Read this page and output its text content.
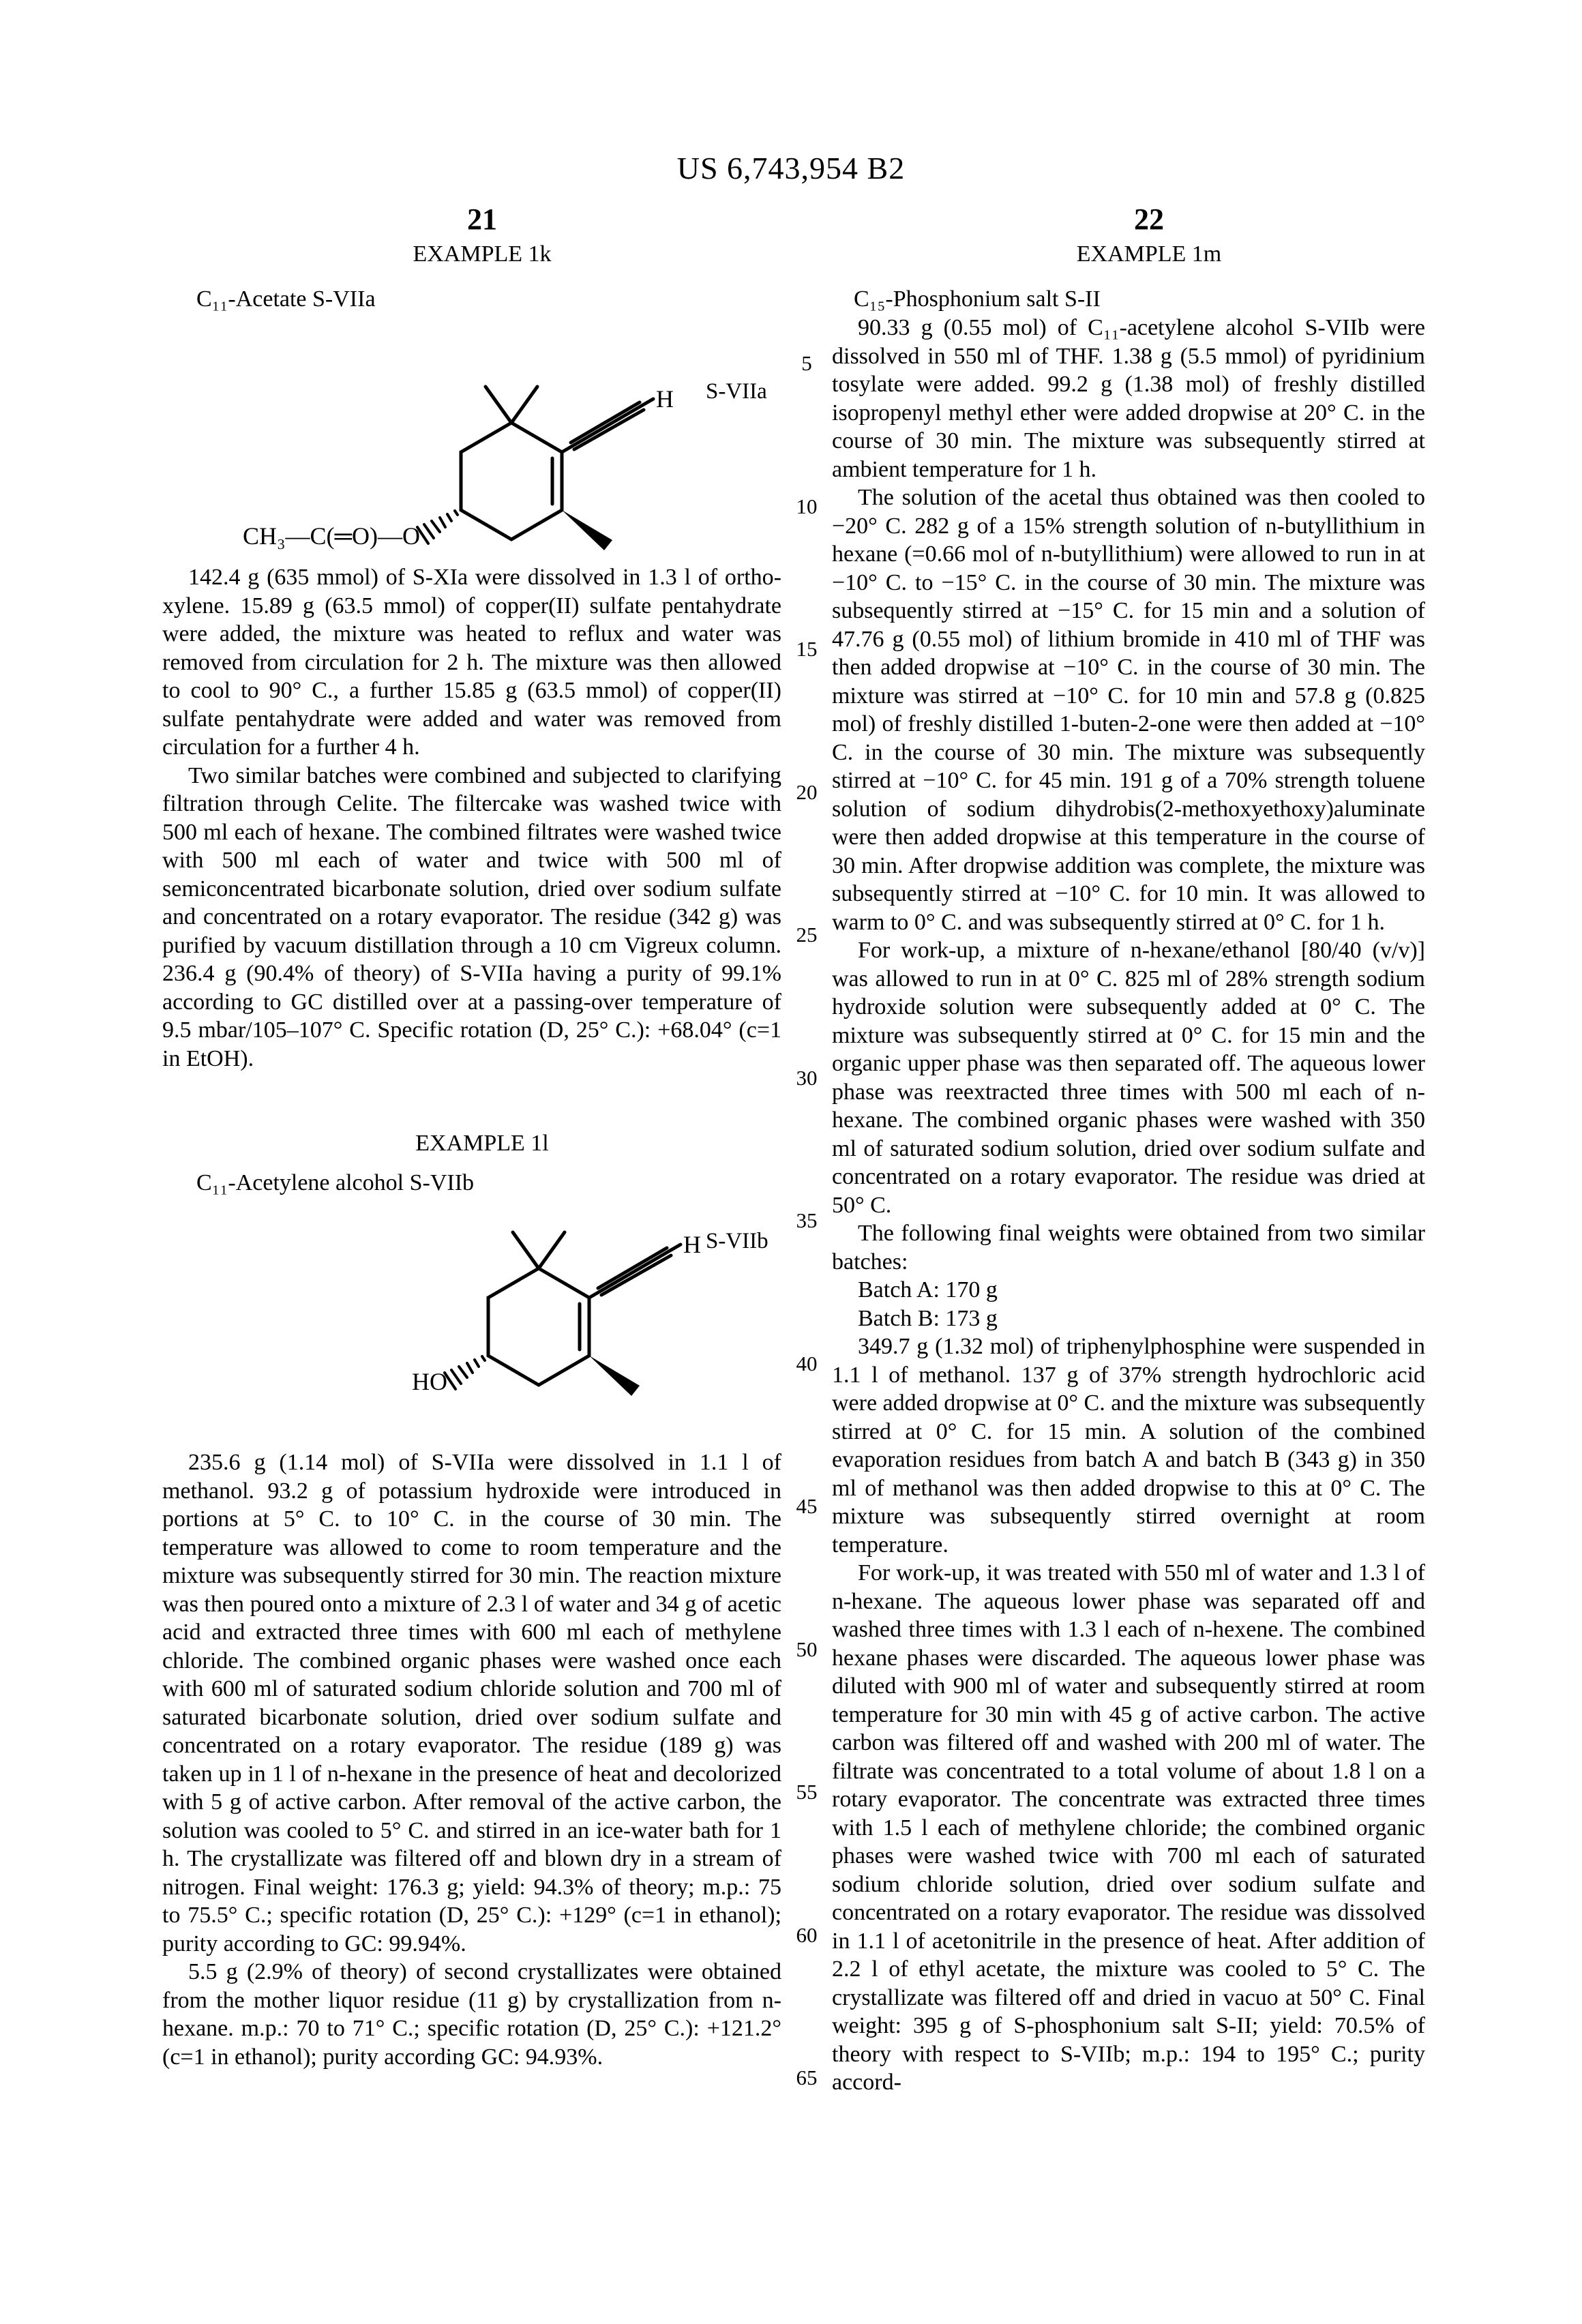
US 6,743,954 B2
21	22
EXAMPLE 1k	EXAMPLE 1m
C₁₁-Acetate S-VIIa	C₁₅-Phosphonium salt S-II
S-VIIa
H
CH₃—C(═O)—O

142.4 g (635 mmol) of S-XIa were dissolved in 1.3 l of ortho-xylene. 15.89 g (63.5 mmol) of copper(II) sulfate pentahydrate were added, the mixture was heated to reflux and water was removed from circulation for 2 h. The mixture was then allowed to cool to 90° C., a further 15.85 g (63.5 mmol) of copper(II) sulfate pentahydrate were added and water was removed from circulation for a further 4 h.

Two similar batches were combined and subjected to clarifying filtration through Celite. The filtercake was washed twice with 500 ml each of hexane. The combined filtrates were washed twice with 500 ml each of water and twice with 500 ml of semiconcentrated bicarbonate solution, dried over sodium sulfate and concentrated on a rotary evaporator. The residue (342 g) was purified by vacuum distillation through a 10 cm Vigreux column. 236.4 g (90.4% of theory) of S-VIIa having a purity of 99.1% according to GC distilled over at a passing-over temperature of 9.5 mbar/105–107° C. Specific rotation (D, 25° C.): +68.04° (c=1 in EtOH).

EXAMPLE 1l
C₁₁-Acetylene alcohol S-VIIb
S-VIIb
H
HO

235.6 g (1.14 mol) of S-VIIa were dissolved in 1.1 l of methanol. 93.2 g of potassium hydroxide were introduced in portions at 5° C. to 10° C. in the course of 30 min. The temperature was allowed to come to room temperature and the mixture was subsequently stirred for 30 min. The reaction mixture was then poured onto a mixture of 2.3 l of water and 34 g of acetic acid and extracted three times with 600 ml each of methylene chloride. The combined organic phases were washed once each with 600 ml of saturated sodium chloride solution and 700 ml of saturated bicarbonate solution, dried over sodium sulfate and concentrated on a rotary evaporator. The residue (189 g) was taken up in 1 l of n-hexane in the presence of heat and decolorized with 5 g of active carbon. After removal of the active carbon, the solution was cooled to 5° C. and stirred in an ice-water bath for 1 h. The crystallizate was filtered off and blown dry in a stream of nitrogen. Final weight: 176.3 g; yield: 94.3% of theory; m.p.: 75 to 75.5° C.; specific rotation (D, 25° C.): +129° (c=1 in ethanol); purity according to GC: 99.94%.

5.5 g (2.9% of theory) of second crystallizates were obtained from the mother liquor residue (11 g) by crystallization from n-hexane. m.p.: 70 to 71° C.; specific rotation (D, 25° C.): +121.2° (c=1 in ethanol); purity according GC: 94.93%.

90.33 g (0.55 mol) of C₁₁-acetylene alcohol S-VIIb were dissolved in 550 ml of THF. 1.38 g (5.5 mmol) of pyridinium tosylate were added. 99.2 g (1.38 mol) of freshly distilled isopropenyl methyl ether were added dropwise at 20° C. in the course of 30 min. The mixture was subsequently stirred at ambient temperature for 1 h.

The solution of the acetal thus obtained was then cooled to −20° C. 282 g of a 15% strength solution of n-butyllithium in hexane (=0.66 mol of n-butyllithium) were allowed to run in at −10° C. to −15° C. in the course of 30 min. The mixture was subsequently stirred at −15° C. for 15 min and a solution of 47.76 g (0.55 mol) of lithium bromide in 410 ml of THF was then added dropwise at −10° C. in the course of 30 min. The mixture was stirred at −10° C. for 10 min and 57.8 g (0.825 mol) of freshly distilled 1-buten-2-one were then added at −10° C. in the course of 30 min. The mixture was subsequently stirred at −10° C. for 45 min. 191 g of a 70% strength toluene solution of sodium dihydrobis(2-methoxyethoxy)aluminate were then added dropwise at this temperature in the course of 30 min. After dropwise addition was complete, the mixture was subsequently stirred at −10° C. for 10 min. It was allowed to warm to 0° C. and was subsequently stirred at 0° C. for 1 h.

For work-up, a mixture of n-hexane/ethanol [80/40 (v/v)] was allowed to run in at 0° C. 825 ml of 28% strength sodium hydroxide solution were subsequently added at 0° C. The mixture was subsequently stirred at 0° C. for 15 min and the organic upper phase was then separated off. The aqueous lower phase was reextracted three times with 500 ml each of n-hexane. The combined organic phases were washed with 350 ml of saturated sodium solution, dried over sodium sulfate and concentrated on a rotary evaporator. The residue was dried at 50° C.

The following final weights were obtained from two similar batches:

Batch A: 170 g

Batch B: 173 g

349.7 g (1.32 mol) of triphenylphosphine were suspended in 1.1 l of methanol. 137 g of 37% strength hydrochloric acid were added dropwise at 0° C. and the mixture was subsequently stirred at 0° C. for 15 min. A solution of the combined evaporation residues from batch A and batch B (343 g) in 350 ml of methanol was then added dropwise to this at 0° C. The mixture was subsequently stirred overnight at room temperature.

For work-up, it was treated with 550 ml of water and 1.3 l of n-hexane. The aqueous lower phase was separated off and washed three times with 1.3 l each of n-hexene. The combined hexane phases were discarded. The aqueous lower phase was diluted with 900 ml of water and subsequently stirred at room temperature for 30 min with 45 g of active carbon. The active carbon was filtered off and washed with 200 ml of water. The filtrate was concentrated to a total volume of about 1.8 l on a rotary evaporator. The concentrate was extracted three times with 1.5 l each of methylene chloride; the combined organic phases were washed twice with 700 ml each of saturated sodium chloride solution, dried over sodium sulfate and concentrated on a rotary evaporator. The residue was dissolved in 1.1 l of acetonitrile in the presence of heat. After addition of 2.2 l of ethyl acetate, the mixture was cooled to 5° C. The crystallizate was filtered off and dried in vacuo at 50° C. Final weight: 395 g of S-phosphonium salt S-II; yield: 70.5% of theory with respect to S-VIIb; m.p.: 194 to 195° C.; purity accord-

5
10
15
20
25
30
35
40
45
50
55
60
65
